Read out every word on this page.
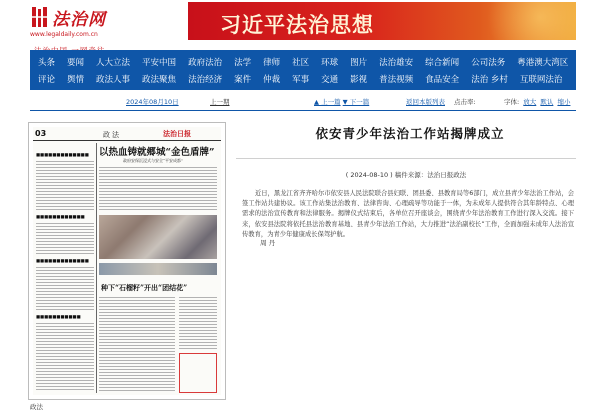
法治网
www.legaldaily.com.cn	习近平法治思想
头条 要闻 人大立法 平安中国 政府法治 法学 律师 社区 环球 图片 法治雄安 综合新闻 公司法务 粤港澳大湾区
评论 舆情 政法人事 政法聚焦 法治经济 案件 仲裁 军事 交通 影视 普法视频 食品安全 法治 乡村 互联网法治
2024年08月10日	上一期	▲ 上一篇 ▼ 下一篇	返回本版列表 点击率:	字体: 放大 默认 缩小
03	政法	法治日报
■■■■■■■■■■■■■
■■■■■■■■■■■■
■■■■■■■■■■■■■
■■■■■■■■■■■
以热血铸就郷城“金色盾牌”
政府安保沉浸式与安全“平安成都”
种下“石榴籽”开出“团结花”
依安青少年法治工作站揭牌成立
( 2024-08-10 ) 稿件来源：法治日报政法

近日，黑龙江省齐齐哈尔市依安县人民法院联合县妇联、团县委、县教育局等6部门，成立县青少年法治工作站，会签工作站共建协议。该工作站集法治教育、法律咨询、心理疏导等功能于一体，为未成年人提供符合其年龄特点、心理需求的法治宣传教育和法律服务。揭牌仪式结束后，各单位召开座谈会，围绕青少年法治教育工作进行深入交流。接下来，依安县法院将依托县法治教育基地、县青少年法治工作站，大力推进“法治副校长”工作，全面加强未成年人法治宣传教育，为青少年健康成长保驾护航。

周 丹
政法
